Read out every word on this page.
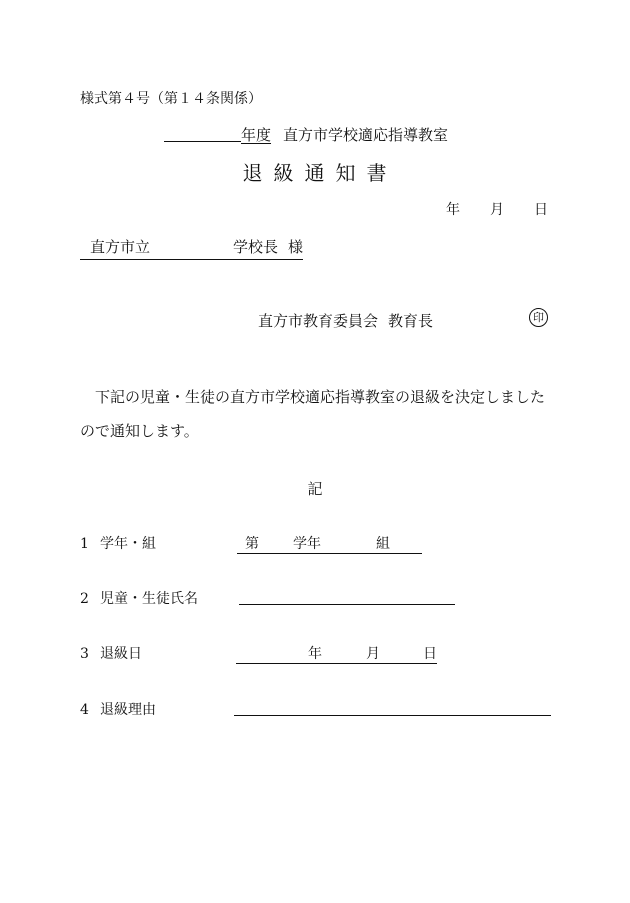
様式第４号（第１４条関係）
年度 直方市学校適応指導教室
退級通知書
年 月 日
直方市立	学校長 様
直方市教育委員会 教育長	印
下記の児童・生徒の直方市学校適応指導教室の退級を決定しましたので通知します。
記
1 学年・組	第 学年	組
2 児童・生徒氏名
3 退級日	年	月	日
4 退級理由
